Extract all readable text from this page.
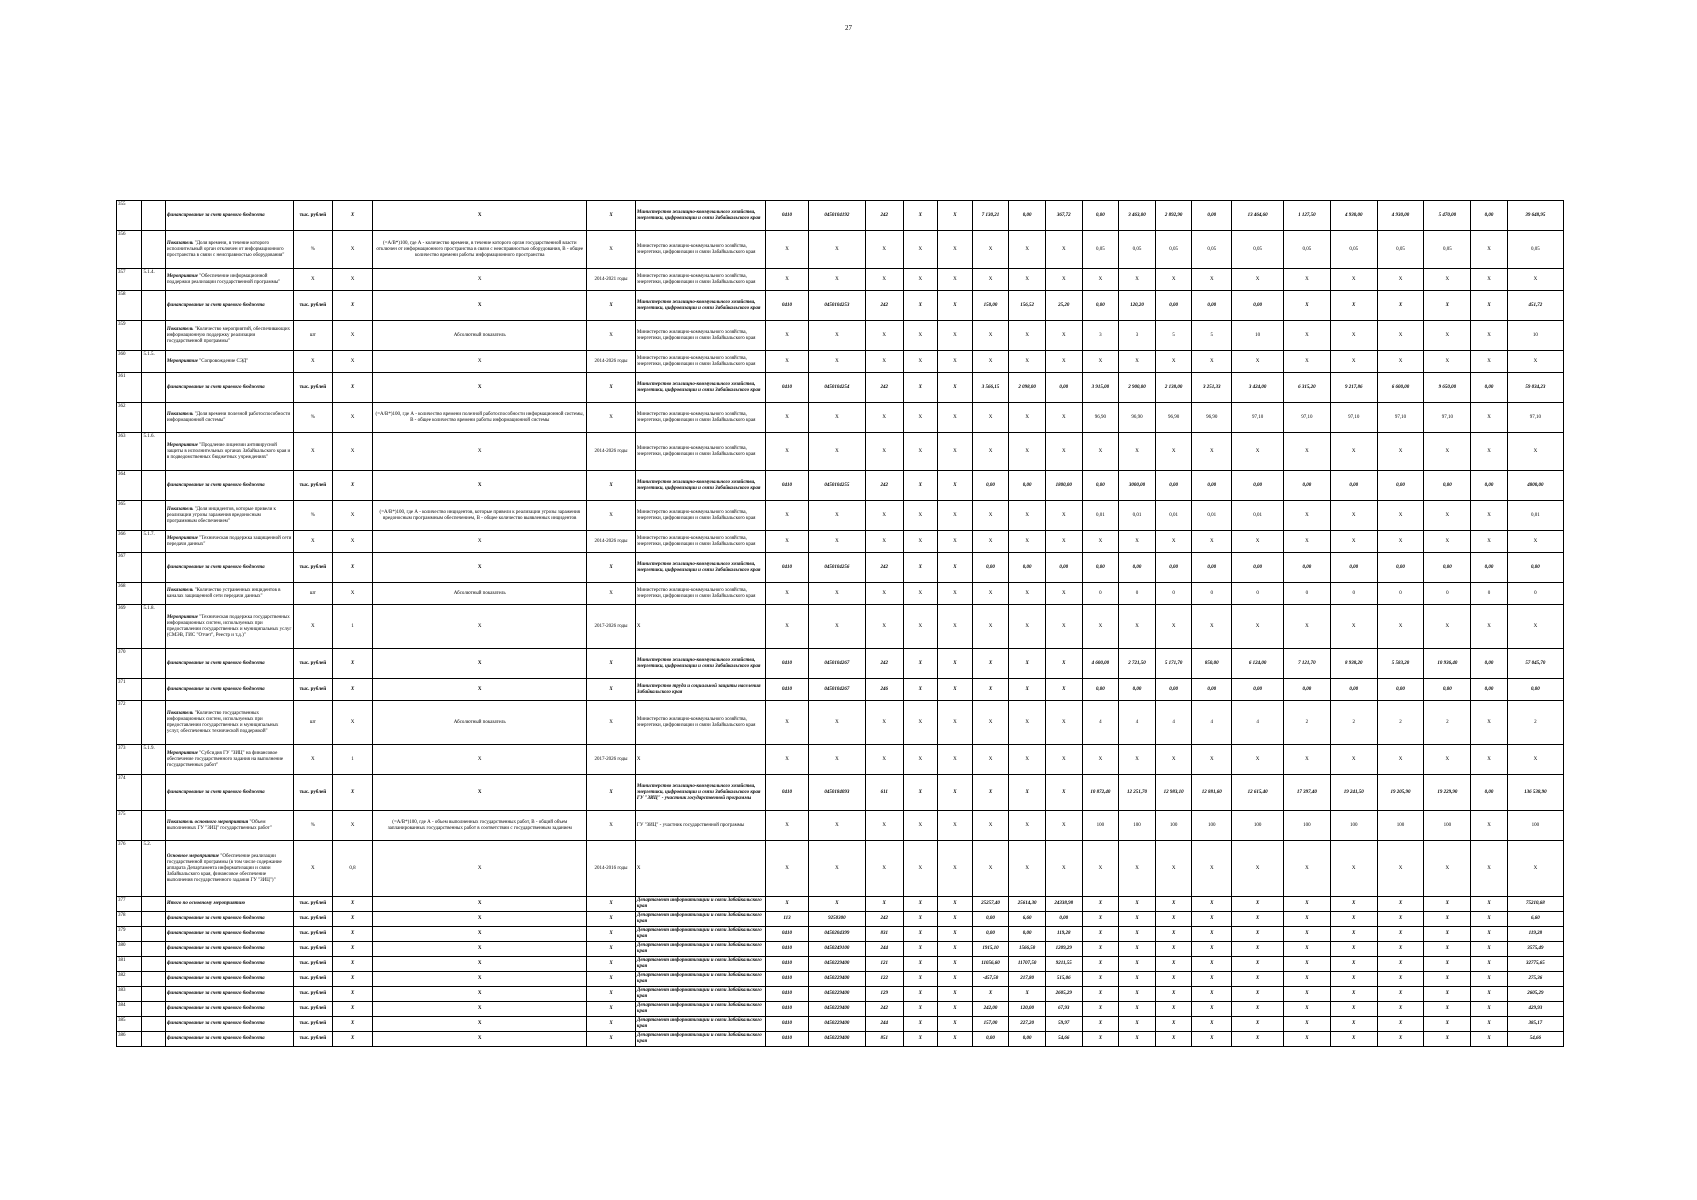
27
355		финансирование за счет краевого бюджета	тыс. рублей	X	X	X	Министерство жилищно-коммунального хозяйства, энергетики, цифровизации и связи Забайкальского края	0410	0450104192	242	X	X	7 130,21	0,00	367,72	0,00	3 463,00	2 892,90	0,00	13 464,60	1 127,50	4 930,00	4 930,00	5 470,00	0,00	39 648,95
356		Показатель "Доля времени, в течение которого исполнительный орган отключен от информационного пространства в связи с неисправностью оборудования"	%	X	(=A/B*)100, где А - количество времени, в течение которого орган государственной власти отключен от информационного пространства в связи с неисправностью оборудования, В - общее количество времени работы информационного пространства	X	Министерство жилищно-коммунального хозяйства, энергетики, цифровизации и связи Забайкальского края	X	X	X	X	X	X	X	X	0,05	0,05	0,05	0,05	0,05	0,05	0,05	0,05	0,05	X	0,05
357	5.1.4.	Мероприятие "Обеспечение информационной поддержки реализации государственной программы"	X	X	X	2014-2021 годы	Министерство жилищно-коммунального хозяйства, энергетики, цифровизации и связи Забайкальского края	X	X	X	X	X	X	X	X	X	X	X	X	X	X	X	X	X	X	X
358		финансирование за счет краевого бюджета	тыс. рублей	X	X	X	Министерство жилищно-коммунального хозяйства, энергетики, цифровизации и связи Забайкальского края	0410	0450104253	242	X	X	150,00	156,52	25,20	0,00	120,20	0,00	0,00	0,00	X	X	X	X	X	451,72
359		Показатель "Количество мероприятий, обеспечивающих информационную поддержку реализации государственной программы"	шт	X	Абсолютный показатель	X	Министерство жилищно-коммунального хозяйства, энергетики, цифровизации и связи Забайкальского края	X	X	X	X	X	X	X	X	3	3	5	5	10	X	X	X	X	X	10
360	5.1.5.	Мероприятие "Сопровождение СЭД"	X	X	X	2014-2026 годы	Министерство жилищно-коммунального хозяйства, энергетики, цифровизации и связи Забайкальского края	X	X	X	X	X	X	X	X	X	X	X	X	X	X	X	X	X	X	X
361		финансирование за счет краевого бюджета	тыс. рублей	X	X	X	Министерство жилищно-коммунального хозяйства, энергетики, цифровизации и связи Забайкальского края	0410	0450104254	242	X	X	3 566,15	2 098,00	0,00	3 915,00	2 900,00	2 138,00	3 251,33	3 424,00	6 315,20	9 217,86	6 600,00	9 650,00	0,00	59 034,23
362		Показатель "Доля времени полезной работоспособности информационной системы"	%	X	(=A/B*)100, где А - количество времени полезной работоспособности информационной системы, В - общее количество времени работы информационной системы	X	Министерство жилищно-коммунального хозяйства, энергетики, цифровизации и связи Забайкальского края	X	X	X	X	X	X	X	X	96,90	96,90	96,90	96,90	97,10	97,10	97,10	97,10	97,10	X	97,10
363	5.1.6.	Мероприятие "Продление лицензии антивирусной защиты в исполнительных органах Забайкальского края и в подведомственных бюджетных учреждениях"	X	X	X	2014-2026 годы	Министерство жилищно-коммунального хозяйства, энергетики, цифровизации и связи Забайкальского края	X	X	X	X	X	X	X	X	X	X	X	X	X	X	X	X	X	X	X
364		финансирование за счет краевого бюджета	тыс. рублей	X	X	X	Министерство жилищно-коммунального хозяйства, энергетики, цифровизации и связи Забайкальского края	0410	0450104255	242	X	X	0,00	0,00	1800,00	0,00	3000,00	0,00	0,00	0,00	0,00	0,00	0,00	0,00	0,00	4800,00
365		Показатель "Доля инцидентов, которые привели к реализации угрозы заражения вредоносным программным обеспечением"	%	X	(=A/B*)100, где А - количество инцидентов, которые привели к реализации угрозы заражения вредоносным программным обеспечением, В - общее количество выявленных инцидентов	X	Министерство жилищно-коммунального хозяйства, энергетики, цифровизации и связи Забайкальского края	X	X	X	X	X	X	X	X	0,01	0,01	0,01	0,01	0,01	X	X	X	X	X	0,01
366	5.1.7.	Мероприятие "Техническая поддержка защищенной сети передачи данных"	X	X	X	2014-2026 годы	Министерство жилищно-коммунального хозяйства, энергетики, цифровизации и связи Забайкальского края	X	X	X	X	X	X	X	X	X	X	X	X	X	X	X	X	X	X	X
367		финансирование за счет краевого бюджета	тыс. рублей	X	X	X	Министерство жилищно-коммунального хозяйства, энергетики, цифровизации и связи Забайкальского края	0410	0450104256	242	X	X	0,00	0,00	0,00	0,00	0,00	0,00	0,00	0,00	0,00	0,00	0,00	0,00	0,00	0,00
368		Показатель "Количество устраненных инцидентов в каналах защищенной сети передачи данных"	шт	X	Абсолютный показатель	X	Министерство жилищно-коммунального хозяйства, энергетики, цифровизации и связи Забайкальского края	X	X	X	X	X	X	X	X	0	0	0	0	0	0	0	0	0	0	0
369	5.1.8.	Мероприятие "Техническая поддержка государственных информационных систем, используемых при предоставлении государственных и муниципальных услуг (СМЭВ, ГИС "Отчет", Реестр и т.д.)"	X	1	X	2017-2026 годы	X	X	X	X	X	X	X	X	X	X	X	X	X	X	X	X	X	X	X	X
370		финансирование за счет краевого бюджета	тыс. рублей	X	X	X	Министерство жилищно-коммунального хозяйства, энергетики, цифровизации и связи Забайкальского края	0410	0450104267	242	X	X	X	X	X	4 600,00	2 721,50	5 171,70	850,00	6 124,00	7 121,70	8 938,20	5 583,20	10 936,40	0,00	57 045,70
371		финансирование за счет краевого бюджета	тыс. рублей	X	X	X	Министерство труда и социальной защиты населения Забайкальского края	0410	0450104267	246	X	X	X	X	X	0,00	0,00	0,00	0,00	0,00	0,00	0,00	0,00	0,00	0,00	0,00
372		Показатель "Количество государственных информационных систем, используемых при предоставлении государственных и муниципальных услуг, обеспеченных технической поддержкой"	шт	X	Абсолютный показатель	X	Министерство жилищно-коммунального хозяйства, энергетики, цифровизации и связи Забайкальского края	X	X	X	X	X	X	X	X	4	4	4	4	4	2	2	2	2	X	2
373	5.1.9.	Мероприятие "Субсидия ГУ "ЗИЦ" на финансовое обеспечение государственного задания на выполнение государственных работ"	X	1	X	2017-2026 годы	X	X	X	X	X	X	X	X	X	X	X	X	X	X	X	X	X	X	X	X
374		финансирование за счет краевого бюджета	тыс. рублей	X	X	X	Министерство жилищно-коммунального хозяйства, энергетики, цифровизации и связи Забайкальского края ГУ "ЗИЦ" - участник государственной программы	0410	0450184093	611	X	X	X	X	X	10 872,40	12 251,70	12 983,10	12 881,60	12 615,40	17 397,40	19 241,50	19 205,90	19 229,90	0,00	136 538,90
375		Показатель основного мероприятия "Объем выполненных ГУ "ЗИЦ" государственных работ"	%	X	(=A/B*)100, где А - объем выполненных государственных работ, В - общий объем запланированных государственных работ в соответствии с государственным заданием	X	ГУ "ЗИЦ" - участник государственной программы	X	X	X	X	X	X	X	X	100	100	100	100	100	100	100	100	100	X	100
376	5.2.	Основное мероприятие "Обеспечение реализации государственной программы (в том числе содержание аппарата Департамента информатизации и связи Забайкальского края, финансовое обеспечение выполнения государственного задания ГУ "ЗИЦ")"	X	0,8	X	2014-2016 годы	X	X	X	X	X	X	X	X	X	X	X	X	X	X	X	X	X	X	X	X
377		Итого по основному мероприятию	тыс. рублей	X	X	X	Департамент информатизации и связи Забайкальского края	X	X	X	X	X	25257,40	25614,30	24338,98	X	X	X	X	X	X	X	X	X	X	75210,68
378		финансирование за счет краевого бюджета	тыс. рублей	X	X	X	Департамент информатизации и связи Забайкальского края	113	9250300	242	X	X	0,00	6,60	0,00	X	X	X	X	X	X	X	X	X	X	6,60
379		финансирование за счет краевого бюджета	тыс. рублей	X	X	X	Департамент информатизации и связи Забайкальского края	0410	0450204399	831	X	X	0,00	0,00	119,28	X	X	X	X	X	X	X	X	X	X	119,28
380		финансирование за счет краевого бюджета	тыс. рублей	X	X	X	Департамент информатизации и связи Забайкальского края	0410	0450249100	244	X	X	1915,10	1566,50	1209,29	X	X	X	X	X	X	X	X	X	X	3575,49
381		финансирование за счет краевого бюджета	тыс. рублей	X	X	X	Департамент информатизации и связи Забайкальского края	0410	0450229400	121	X	X	11056,60	11707,50	9211,55	X	X	X	X	X	X	X	X	X	X	32775,65
382		финансирование за счет краевого бюджета	тыс. рублей	X	X	X	Департамент информатизации и связи Забайкальского края	0410	0450229400	122	X	X	-457,50	217,80	515,06	X	X	X	X	X	X	X	X	X	X	275,36
383		финансирование за счет краевого бюджета	тыс. рублей	X	X	X	Департамент информатизации и связи Забайкальского края	0410	0450229400	129	X	X	X	X	2605,29	X	X	X	X	X	X	X	X	X	X	2605,29
384		финансирование за счет краевого бюджета	тыс. рублей	X	X	X	Департамент информатизации и связи Забайкальского края	0410	0450229400	242	X	X	242,00	120,00	67,93	X	X	X	X	X	X	X	X	X	X	429,93
385		финансирование за счет краевого бюджета	тыс. рублей	X	X	X	Департамент информатизации и связи Забайкальского края	0410	0450229400	244	X	X	157,00	227,20	59,97	X	X	X	X	X	X	X	X	X	X	385,17
386		финансирование за счет краевого бюджета	тыс. рублей	X	X	X	Департамент информатизации и связи Забайкальского края	0410	0450229400	851	X	X	0,00	0,00	54,66	X	X	X	X	X	X	X	X	X	X	54,66
